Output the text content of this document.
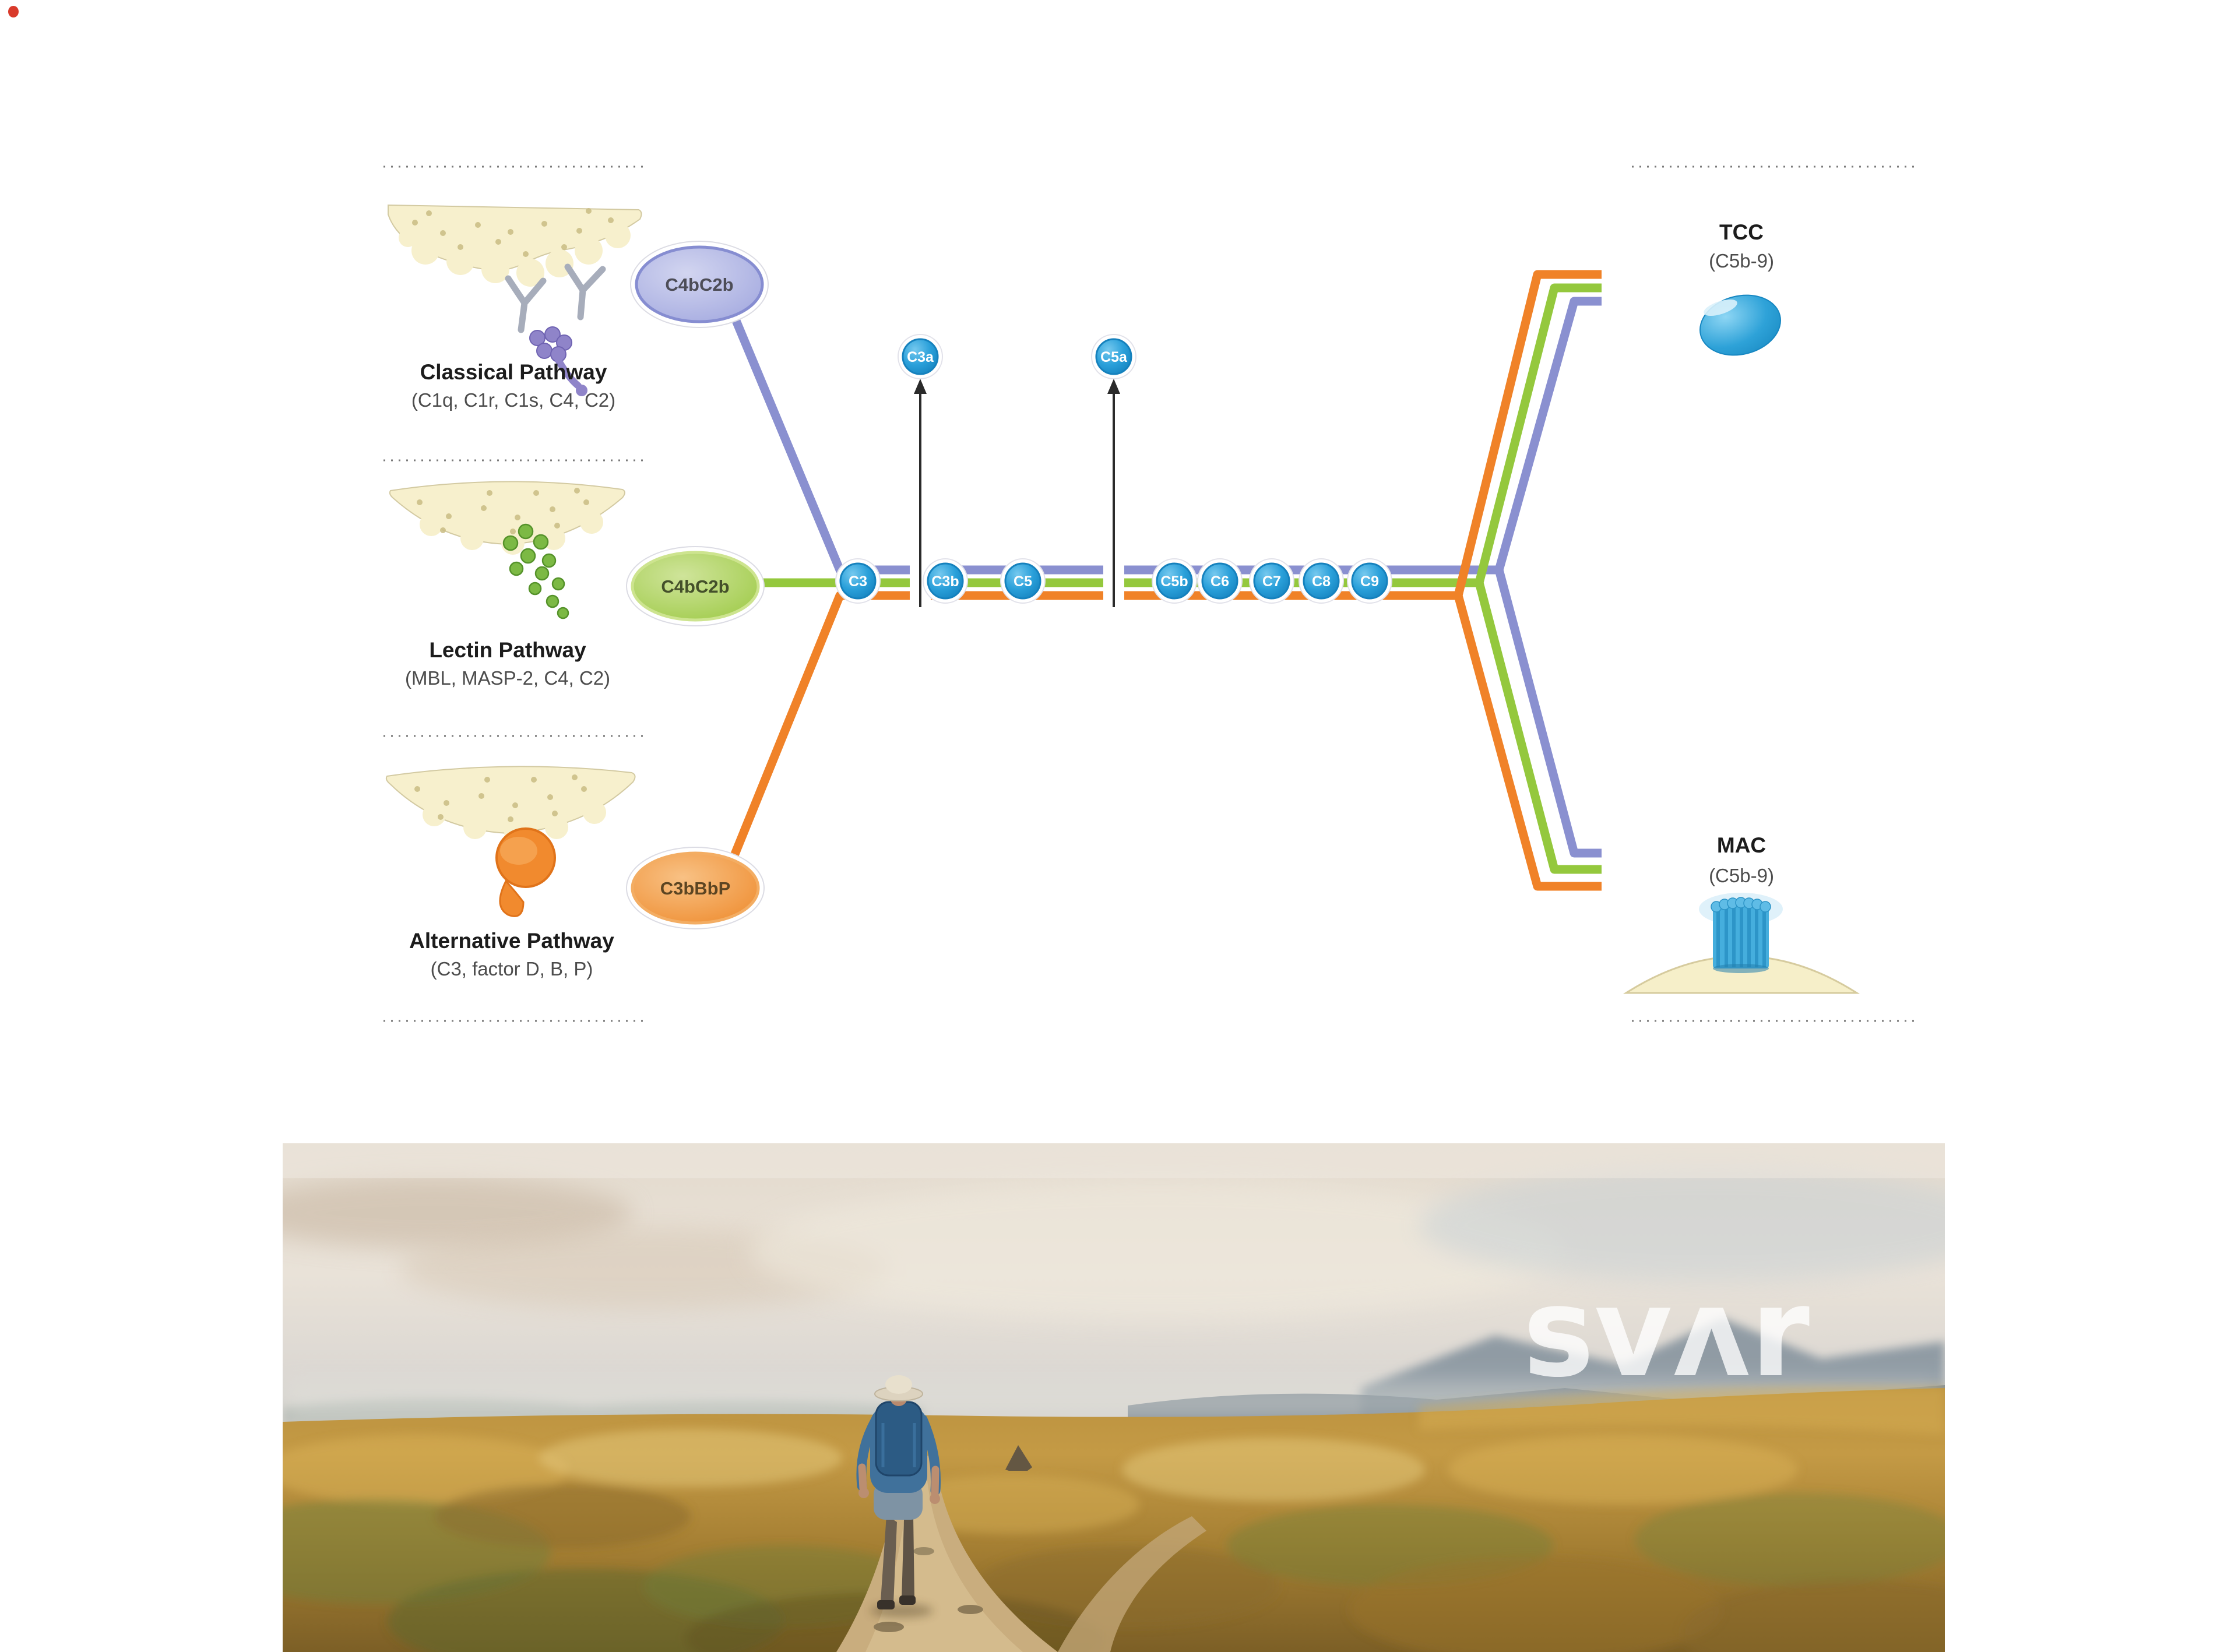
C4bC2b
C4bC2b
C3bBbP
C3	C3b	C5	C5b C6 C7 C8 C9
C3a	C5a
Classical Pathway
(C1q, C1r, C1s, C4, C2)
Lectin Pathway
(MBL, MASP-2, C4, C2)
Alternative Pathway
(C3, factor D, B, P)
TCC
(C5b-9)
MAC
(C5b-9)
svʌr
